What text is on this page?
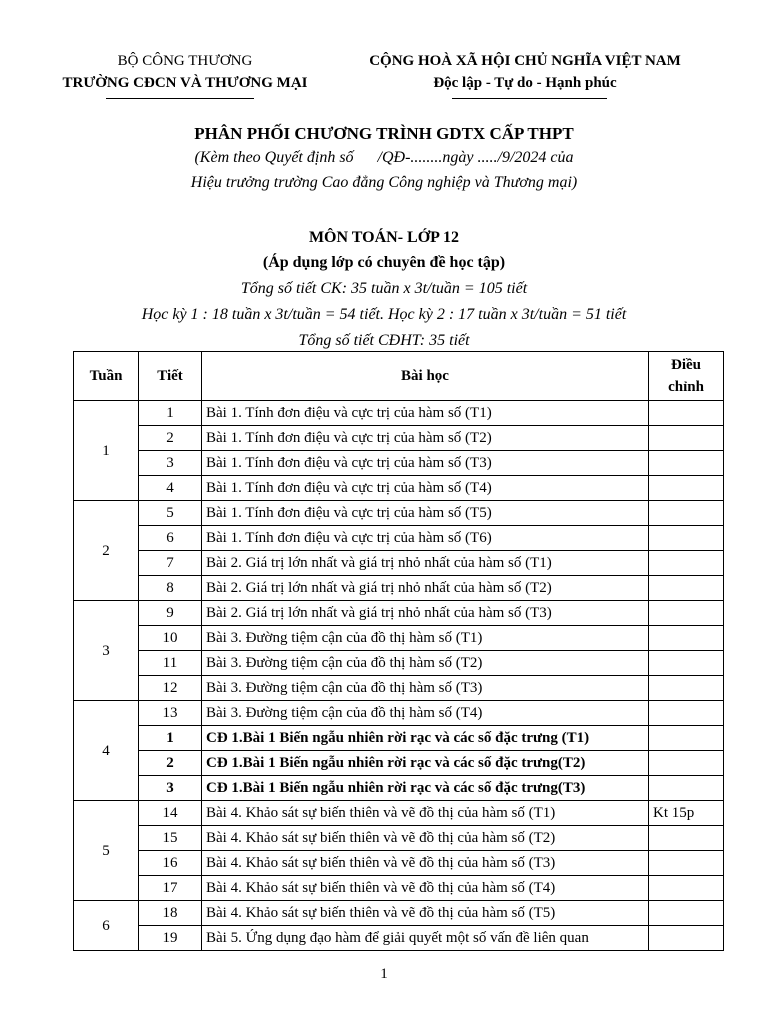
BỘ CÔNG THƯƠNG
TRƯỜNG CĐCN VÀ THƯƠNG MẠI
CỘNG HOÀ XÃ HỘI CHỦ NGHĨA VIỆT NAM
Độc lập - Tự do - Hạnh phúc
PHÂN PHỐI CHƯƠNG TRÌNH GDTX CẤP THPT
(Kèm theo Quyết định số      /QĐ-........ngày ...../9/2024 của
Hiệu trưởng trường Cao đẳng Công nghiệp và Thương mại)
MÔN TOÁN- LỚP 12
(Áp dụng lớp có chuyên đề học tập)
Tổng số tiết CK: 35 tuần x 3t/tuần = 105 tiết
Học kỳ 1 : 18 tuần x 3t/tuần = 54 tiết. Học kỳ 2 : 17 tuần x 3t/tuần = 51 tiết
Tổng số tiết CĐHT: 35 tiết
Tuần	Tiết	Bài học	Điều chỉnh
1	1	Bài 1. Tính đơn điệu và cực trị của hàm số (T1)	
	2	Bài 1. Tính đơn điệu và cực trị của hàm số (T2)	
	3	Bài 1. Tính đơn điệu và cực trị của hàm số (T3)	
	4	Bài 1. Tính đơn điệu và cực trị của hàm số (T4)	
2	5	Bài 1. Tính đơn điệu và cực trị của hàm số (T5)	
	6	Bài 1. Tính đơn điệu và cực trị của hàm số (T6)	
	7	Bài 2. Giá trị lớn nhất và giá trị nhỏ nhất của hàm số (T1)	
	8	Bài 2. Giá trị lớn nhất và giá trị nhỏ nhất của hàm số (T2)	
3	9	Bài 2. Giá trị lớn nhất và giá trị nhỏ nhất của hàm số (T3)	
	10	Bài 3. Đường tiệm cận của đồ thị hàm số (T1)	
	11	Bài 3. Đường tiệm cận của đồ thị hàm số (T2)	
	12	Bài 3. Đường tiệm cận của đồ thị hàm số (T3)	
4	13	Bài 3. Đường tiệm cận của đồ thị hàm số (T4)	
	1	CĐ 1.Bài 1 Biến ngẫu nhiên rời rạc và các số đặc trưng (T1)	
	2	CĐ 1.Bài 1 Biến ngẫu nhiên rời rạc và các số đặc trưng(T2)	
	3	CĐ 1.Bài 1 Biến ngẫu nhiên rời rạc và các số đặc trưng(T3)	
5	14	Bài 4. Khảo sát sự biến thiên và vẽ đồ thị của hàm số (T1)	Kt 15p
	15	Bài 4. Khảo sát sự biến thiên và vẽ đồ thị của hàm số (T2)	
	16	Bài 4. Khảo sát sự biến thiên và vẽ đồ thị của hàm số (T3)	
	17	Bài 4. Khảo sát sự biến thiên và vẽ đồ thị của hàm số (T4)	
6	18	Bài 4. Khảo sát sự biến thiên và vẽ đồ thị của hàm số (T5)	
	19	Bài 5. Ứng dụng đạo hàm để giải quyết một số vấn đề liên quan	
1
